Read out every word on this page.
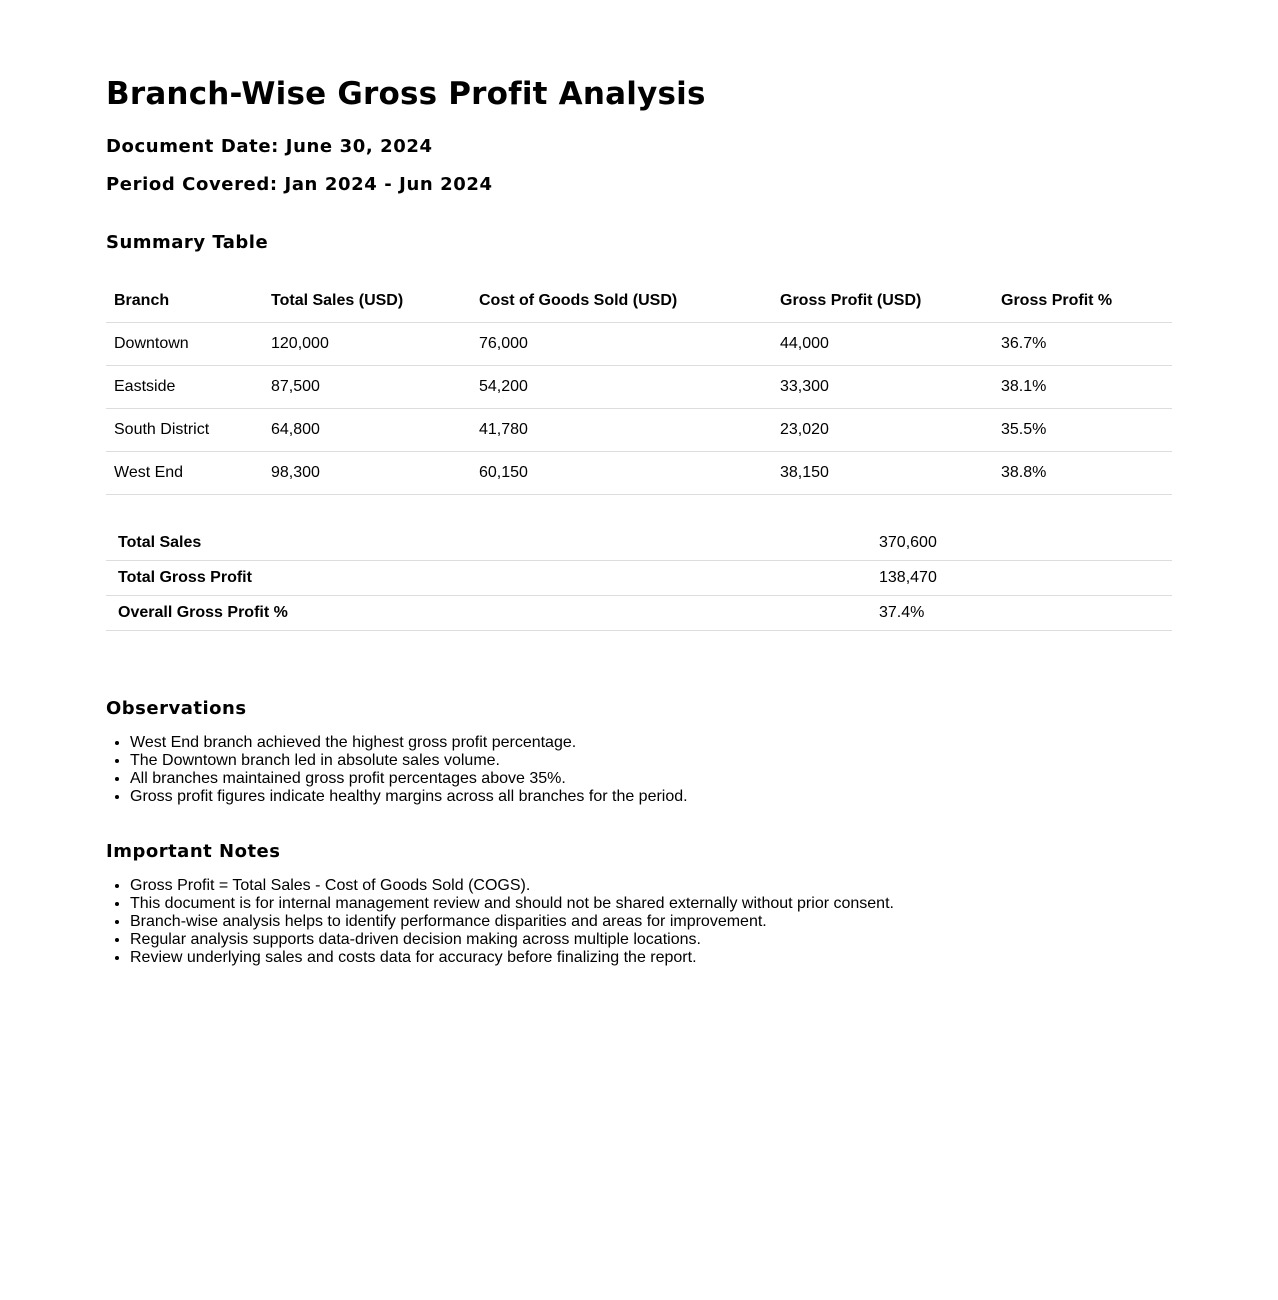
Branch-Wise Gross Profit Analysis

Document Date: June 30, 2024

Period Covered: Jan 2024 - Jun 2024

Summary Table
Branch	Total Sales (USD)	Cost of Goods Sold (USD)	Gross Profit (USD)	Gross Profit %
Downtown	120,000	76,000	44,000	36.7%
Eastside	87,500	54,200	33,300	38.1%
South District	64,800	41,780	23,020	35.5%
West End	98,300	60,150	38,150	38.8%
Total Sales	370,600
Total Gross Profit	138,470
Overall Gross Profit %	37.4%
Observations
• West End branch achieved the highest gross profit percentage.
• The Downtown branch led in absolute sales volume.
• All branches maintained gross profit percentages above 35%.
• Gross profit figures indicate healthy margins across all branches for the period.
Important Notes
• Gross Profit = Total Sales - Cost of Goods Sold (COGS).
• This document is for internal management review and should not be shared externally without prior consent.
• Branch-wise analysis helps to identify performance disparities and areas for improvement.
• Regular analysis supports data-driven decision making across multiple locations.
• Review underlying sales and costs data for accuracy before finalizing the report.
